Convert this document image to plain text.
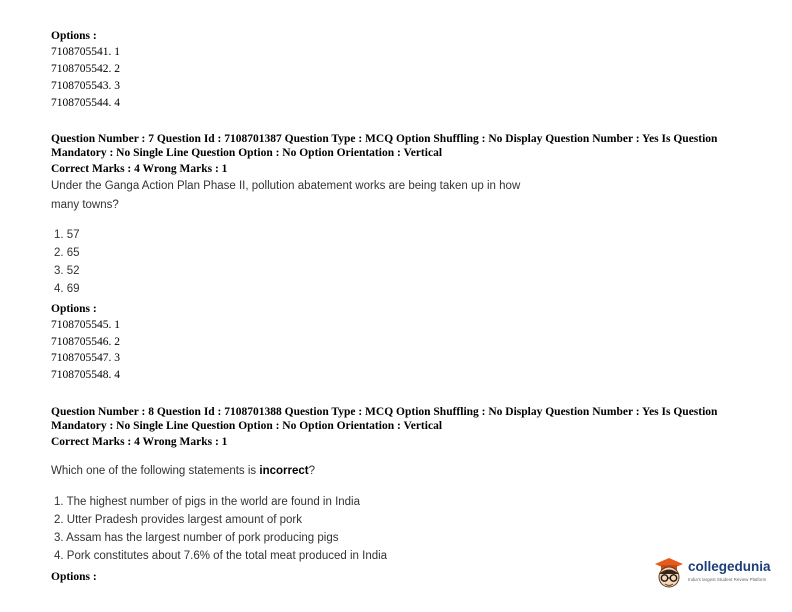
Options :
7108705541. 1
7108705542. 2
7108705543. 3
7108705544. 4
Question Number : 7 Question Id : 7108701387 Question Type : MCQ Option Shuffling : No Display Question Number : Yes Is Question
Mandatory : No Single Line Question Option : No Option Orientation : Vertical
Correct Marks : 4 Wrong Marks : 1
Under the Ganga Action Plan Phase II, pollution abatement works are being taken up in how
many towns?
1. 57
2. 65
3. 52
4. 69
Options :
7108705545. 1
7108705546. 2
7108705547. 3
7108705548. 4
Question Number : 8 Question Id : 7108701388 Question Type : MCQ Option Shuffling : No Display Question Number : Yes Is Question
Mandatory : No Single Line Question Option : No Option Orientation : Vertical
Correct Marks : 4 Wrong Marks : 1
Which one of the following statements is incorrect?
1. The highest number of pigs in the world are found in India
2. Utter Pradesh provides largest amount of pork
3. Assam has the largest number of pork producing pigs
4. Pork constitutes about 7.6% of the total meat produced in India
Options :
collegedunia
India's largest Student Review Platform
